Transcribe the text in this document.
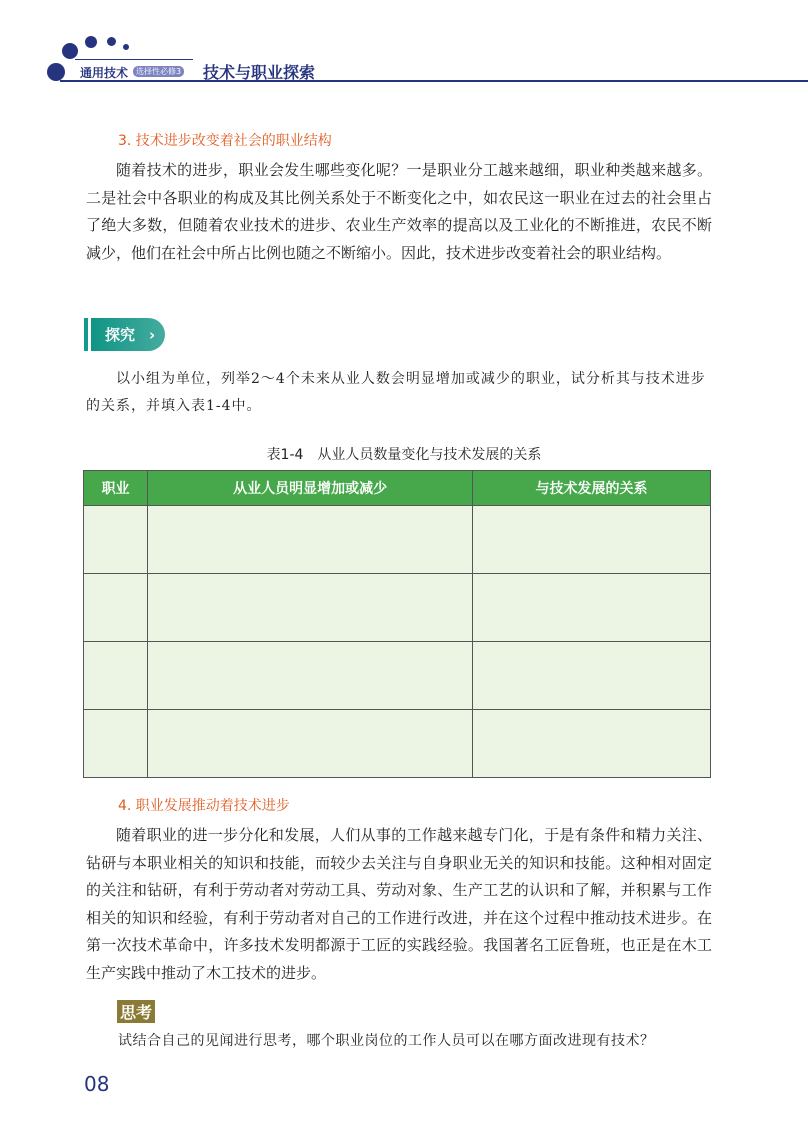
通用技术 选择性必修3 技术与职业探索
3. 技术进步改变着社会的职业结构
随着技术的进步，职业会发生哪些变化呢？一是职业分工越来越细，职业种类越来越多。二是社会中各职业的构成及其比例关系处于不断变化之中，如农民这一职业在过去的社会里占了绝大多数，但随着农业技术的进步、农业生产效率的提高以及工业化的不断推进，农民不断减少，他们在社会中所占比例也随之不断缩小。因此，技术进步改变着社会的职业结构。
探究 ›
以小组为单位，列举2～4个未来从业人数会明显增加或减少的职业，试分析其与技术进步的关系，并填入表1-4中。
表1-4　从业人员数量变化与技术发展的关系
职业	从业人员明显增加或减少	与技术发展的关系

4. 职业发展推动着技术进步
随着职业的进一步分化和发展，人们从事的工作越来越专门化，于是有条件和精力关注、钻研与本职业相关的知识和技能，而较少去关注与自身职业无关的知识和技能。这种相对固定的关注和钻研，有利于劳动者对劳动工具、劳动对象、生产工艺的认识和了解，并积累与工作相关的知识和经验，有利于劳动者对自己的工作进行改进，并在这个过程中推动技术进步。在第一次技术革命中，许多技术发明都源于工匠的实践经验。我国著名工匠鲁班，也正是在木工生产实践中推动了木工技术的进步。
思考
试结合自己的见闻进行思考，哪个职业岗位的工作人员可以在哪方面改进现有技术？
08
